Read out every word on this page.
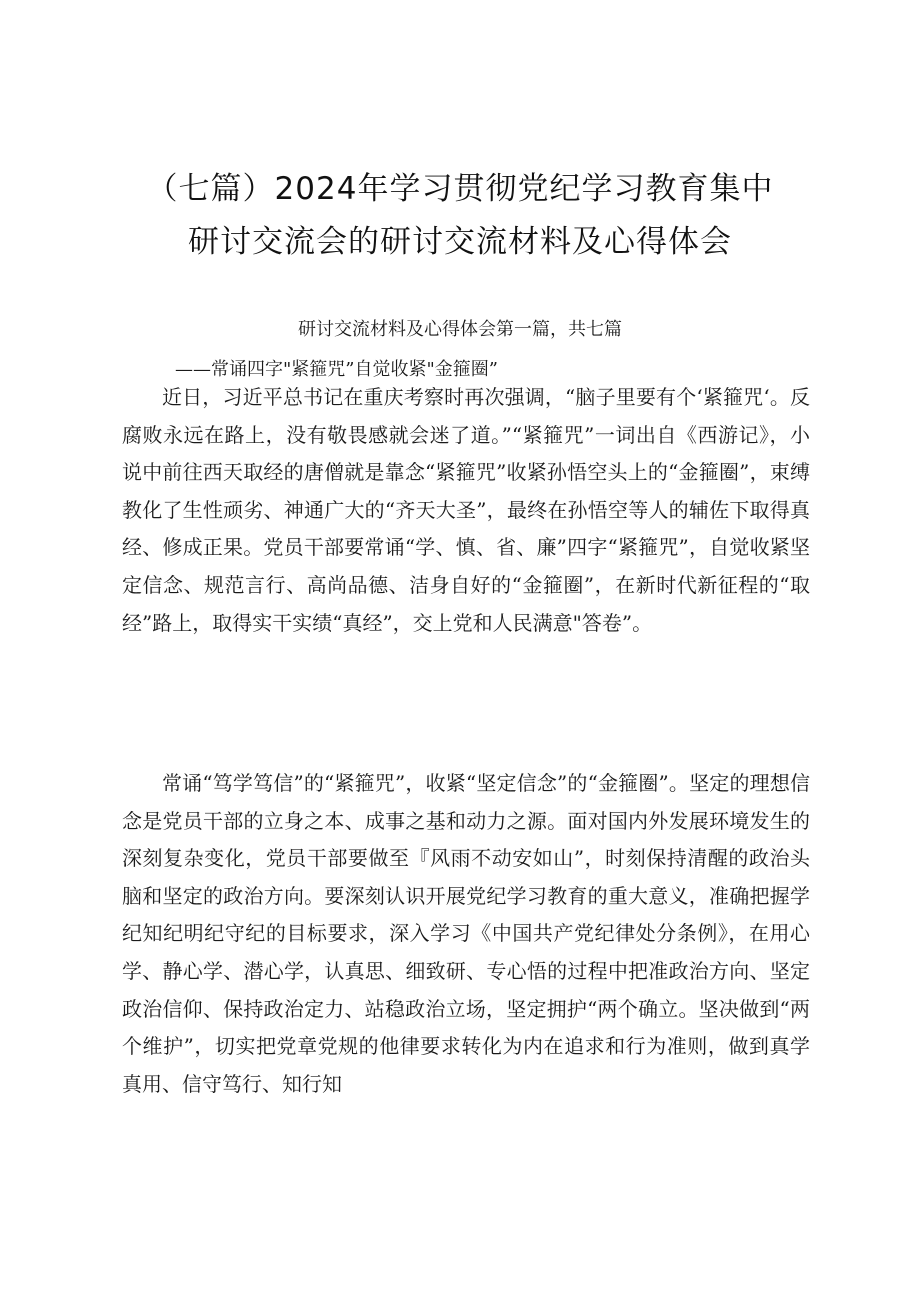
（七篇）2024年学习贯彻党纪学习教育集中
研讨交流会的研讨交流材料及心得体会
研讨交流材料及心得体会第一篇，共七篇
——常诵四字"紧箍咒”自觉收紧"金箍圈”

近日，习近平总书记在重庆考察时再次强调，“脑子里要有个‘紧箍咒‘。反腐败永远在路上，没有敬畏感就会迷了道。”“紧箍咒”一词出自《西游记》，小说中前往西天取经的唐僧就是靠念“紧箍咒”收紧孙悟空头上的“金箍圈”，束缚教化了生性顽劣、神通广大的“齐天大圣”，最终在孙悟空等人的辅佐下取得真经、修成正果。党员干部要常诵“学、慎、省、廉”四字“紧箍咒”，自觉收紧坚定信念、规范言行、高尚品德、洁身自好的“金箍圈”，在新时代新征程的“取经”路上，取得实干实绩“真经”，交上党和人民满意"答卷”。

常诵“笃学笃信”的“紧箍咒”，收紧“坚定信念”的“金箍圈”。坚定的理想信念是党员干部的立身之本、成事之基和动力之源。面对国内外发展环境发生的深刻复杂变化，党员干部要做至『风雨不动安如山”，时刻保持清醒的政治头脑和坚定的政治方向。要深刻认识开展党纪学习教育的重大意义，准确把握学纪知纪明纪守纪的目标要求，深入学习《中国共产党纪律处分条例》，在用心学、静心学、潜心学，认真思、细致研、专心悟的过程中把准政治方向、坚定政治信仰、保持政治定力、站稳政治立场，坚定拥护“两个确立。坚决做到“两个维护”，切实把党章党规的他律要求转化为内在追求和行为准则，做到真学真用、信守笃行、知行知
